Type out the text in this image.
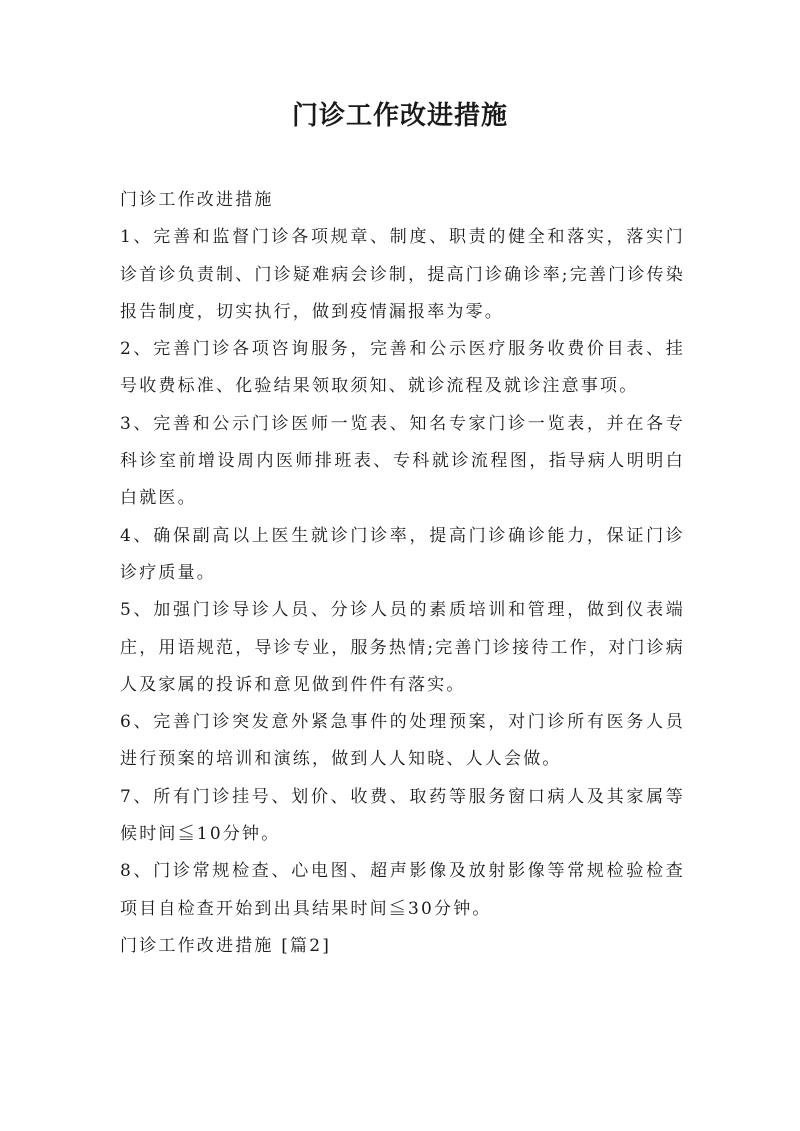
门诊工作改进措施

门诊工作改进措施

1、完善和监督门诊各项规章、制度、职责的健全和落实，落实门诊首诊负责制、门诊疑难病会诊制，提高门诊确诊率;完善门诊传染报告制度，切实执行，做到疫情漏报率为零。

2、完善门诊各项咨询服务，完善和公示医疗服务收费价目表、挂号收费标准、化验结果领取须知、就诊流程及就诊注意事项。

3、完善和公示门诊医师一览表、知名专家门诊一览表，并在各专科诊室前增设周内医师排班表、专科就诊流程图，指导病人明明白白就医。

4、确保副高以上医生就诊门诊率，提高门诊确诊能力，保证门诊诊疗质量。

5、加强门诊导诊人员、分诊人员的素质培训和管理，做到仪表端庄，用语规范，导诊专业，服务热情;完善门诊接待工作，对门诊病人及家属的投诉和意见做到件件有落实。

6、完善门诊突发意外紧急事件的处理预案，对门诊所有医务人员进行预案的培训和演练，做到人人知晓、人人会做。

7、所有门诊挂号、划价、收费、取药等服务窗口病人及其家属等候时间≦10分钟。

8、门诊常规检查、心电图、超声影像及放射影像等常规检验检查项目自检查开始到出具结果时间≦30分钟。

门诊工作改进措施 [篇2]
